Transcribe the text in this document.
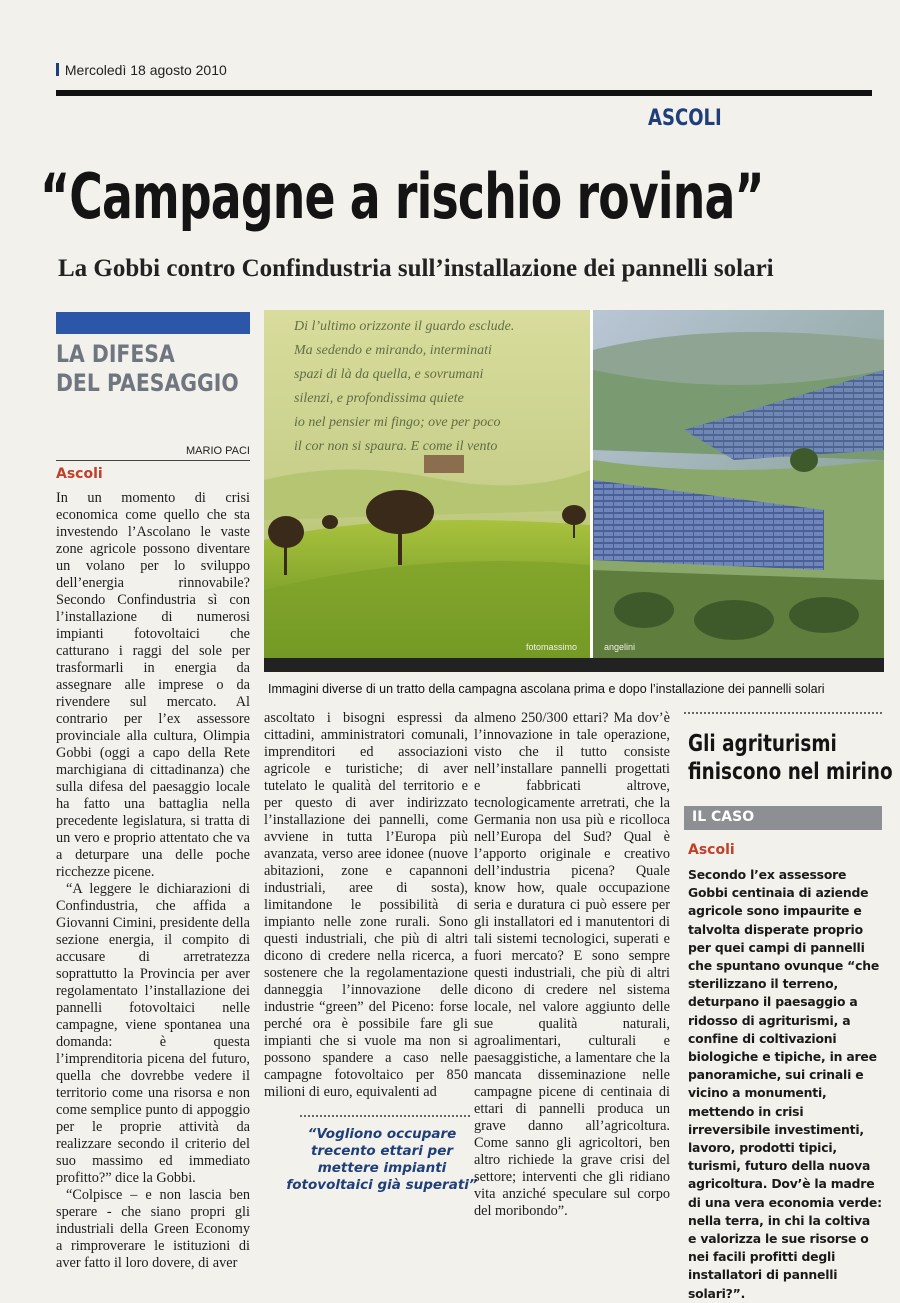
Mercoledì 18 agosto 2010
ASCOLI
“Campagne a rischio rovina”
La Gobbi contro Confindustria sull’installazione dei pannelli solari
LA DIFESA
DEL PAESAGGIO
MARIO PACI
Ascoli

In un momento di crisi economica come quello che sta investendo l’Ascolano le vaste zone agricole possono diventare un volano per lo sviluppo dell’energia rinnovabile? Secondo Confindustria sì con l’installazione di numerosi impianti fotovoltaici che catturano i raggi del sole per trasformarli in energia da assegnare alle imprese o da rivendere sul mercato. Al contrario per l’ex assessore provinciale alla cultura, Olimpia Gobbi (oggi a capo della Rete marchigiana di cittadinanza) che sulla difesa del paesaggio locale ha fatto una battaglia nella precedente legislatura, si tratta di un vero e proprio attentato che va a deturpare una delle poche ricchezze picene.

“A leggere le dichiarazioni di Confindustria, che affida a Giovanni Cimini, presidente della sezione energia, il compito di accusare di arretratezza soprattutto la Provincia per aver regolamentato l’installazione dei pannelli fotovoltaici nelle campagne, viene spontanea una domanda: è questa l’imprenditoria picena del futuro, quella che dovrebbe vedere il territorio come una risorsa e non come semplice punto di appoggio per le proprie attività da realizzare secondo il criterio del suo massimo ed immediato profitto?” dice la Gobbi.

“Colpisce – e non lascia ben sperare - che siano propri gli industriali della Green Economy a rimproverare le istituzioni di aver fatto il loro dovere, di aver

Di l’ultimo orizzonte il guardo esclude.
Ma sedendo e mirando, interminati
spazi di là da quella, e sovrumani
silenzi, e profondissima quiete
io nel pensier mi fingo; ove per poco
il cor non si spaura. E come il vento
fotomassimo	angelini
Immagini diverse di un tratto della campagna ascolana prima e dopo l’installazione dei pannelli solari

ascoltato i bisogni espressi da cittadini, amministratori comunali, imprenditori ed associazioni agricole e turistiche; di aver tutelato le qualità del territorio e per questo di aver indirizzato l’installazione dei pannelli, come avviene in tutta l’Europa più avanzata, verso aree idonee (nuove abitazioni, zone e capannoni industriali, aree di sosta), limitandone le possibilità di impianto nelle zone rurali. Sono questi industriali, che più di altri dicono di credere nella ricerca, a sostenere che la regolamentazione danneggia l’innovazione delle industrie “green” del Piceno: forse perché ora è possibile fare gli impianti che si vuole ma non si possono spandere a caso nelle campagne fotovoltaico per 850 milioni di euro, equivalenti ad

“Vogliono occupare trecento ettari per mettere impianti fotovoltaici già superati”

almeno 250/300 ettari? Ma dov’è l’innovazione in tale operazione, visto che il tutto consiste nell’installare pannelli progettati e fabbricati altrove, tecnologicamente arretrati, che la Germania non usa più e ricolloca nell’Europa del Sud? Qual è l’apporto originale e creativo dell’industria picena? Quale know how, quale occupazione seria e duratura ci può essere per gli installatori ed i manutentori di tali sistemi tecnologici, superati e fuori mercato? E sono sempre questi industriali, che più di altri dicono di credere nel sistema locale, nel valore aggiunto delle sue qualità naturali, agroalimentari, culturali e paesaggistiche, a lamentare che la mancata disseminazione nelle campagne picene di centinaia di ettari di pannelli produca un grave danno all’agricoltura. Come sanno gli agricoltori, ben altro richiede la grave crisi del settore; interventi che gli ridiano vita anziché speculare sul corpo del moribondo”.

Gli agriturismi
finiscono nel mirino
IL CASO
Ascoli
Secondo l’ex assessore Gobbi centinaia di aziende agricole sono impaurite e talvolta disperate proprio per quei campi di pannelli che spuntano ovunque “che sterilizzano il terreno, deturpano il paesaggio a ridosso di agriturismi, a confine di coltivazioni biologiche e tipiche, in aree panoramiche, sui crinali e vicino a monumenti, mettendo in crisi irreversibile investimenti, lavoro, prodotti tipici, turismi, futuro della nuova agricoltura. Dov’è la madre di una vera economia verde: nella terra, in chi la coltiva e valorizza le sue risorse o nei facili profitti degli installatori di pannelli solari?”.
